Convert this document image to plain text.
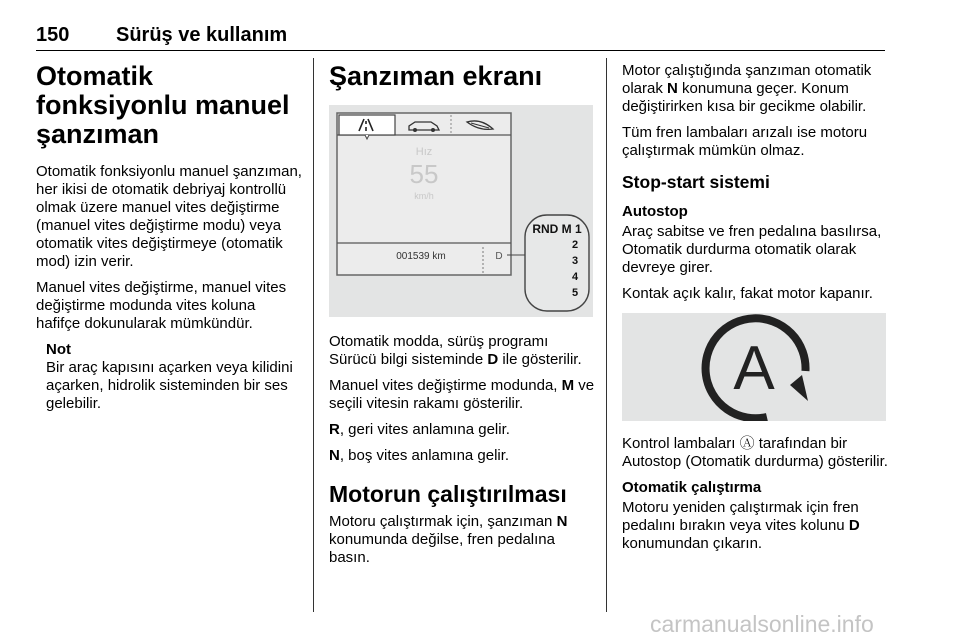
150 Sürüş ve kullanım
Otomatik fonksiyonlu manuel şanzıman

Otomatik fonksiyonlu manuel şanzıman, her ikisi de otomatik debriyaj kontrollü olmak üzere manuel vites değiştirme (manuel vites değiştirme modu) veya otomatik vites değiştirmeye (otomatik mod) izin verir.

Manuel vites değiştirme, manuel vites değiştirme modunda vites koluna hafifçe dokunularak mümkündür.

Not
Bir araç kapısını açarken veya kilidini açarken, hidrolik sisteminden bir ses gelebilir.
Şanzıman ekranı
Hız
55
km/h
001539 km	D
RND M 1
2
3
4
5

Otomatik modda, sürüş programı Sürücü bilgi sisteminde D ile gösterilir.

Manuel vites değiştirme modunda, M ve seçili vitesin rakamı gösterilir.

R, geri vites anlamına gelir.

N, boş vites anlamına gelir.

Motorun çalıştırılması

Motoru çalıştırmak için, şanzıman N konumunda değilse, fren pedalına basın.

Motor çalıştığında şanzıman otomatik olarak N konumuna geçer. Konum değiştirirken kısa bir gecikme olabilir.

Tüm fren lambaları arızalı ise motoru çalıştırmak mümkün olmaz.

Stop-start sistemi
Autostop

Araç sabitse ve fren pedalına basılırsa, Otomatik durdurma otomatik olarak devreye girer.

Kontak açık kalır, fakat motor kapanır.

A

Kontrol lambaları Ⓐ tarafından bir Autostop (Otomatik durdurma) gösterilir.

Otomatik çalıştırma

Motoru yeniden çalıştırmak için fren pedalını bırakın veya vites kolunu D konumundan çıkarın.

carmanualsonline.info
